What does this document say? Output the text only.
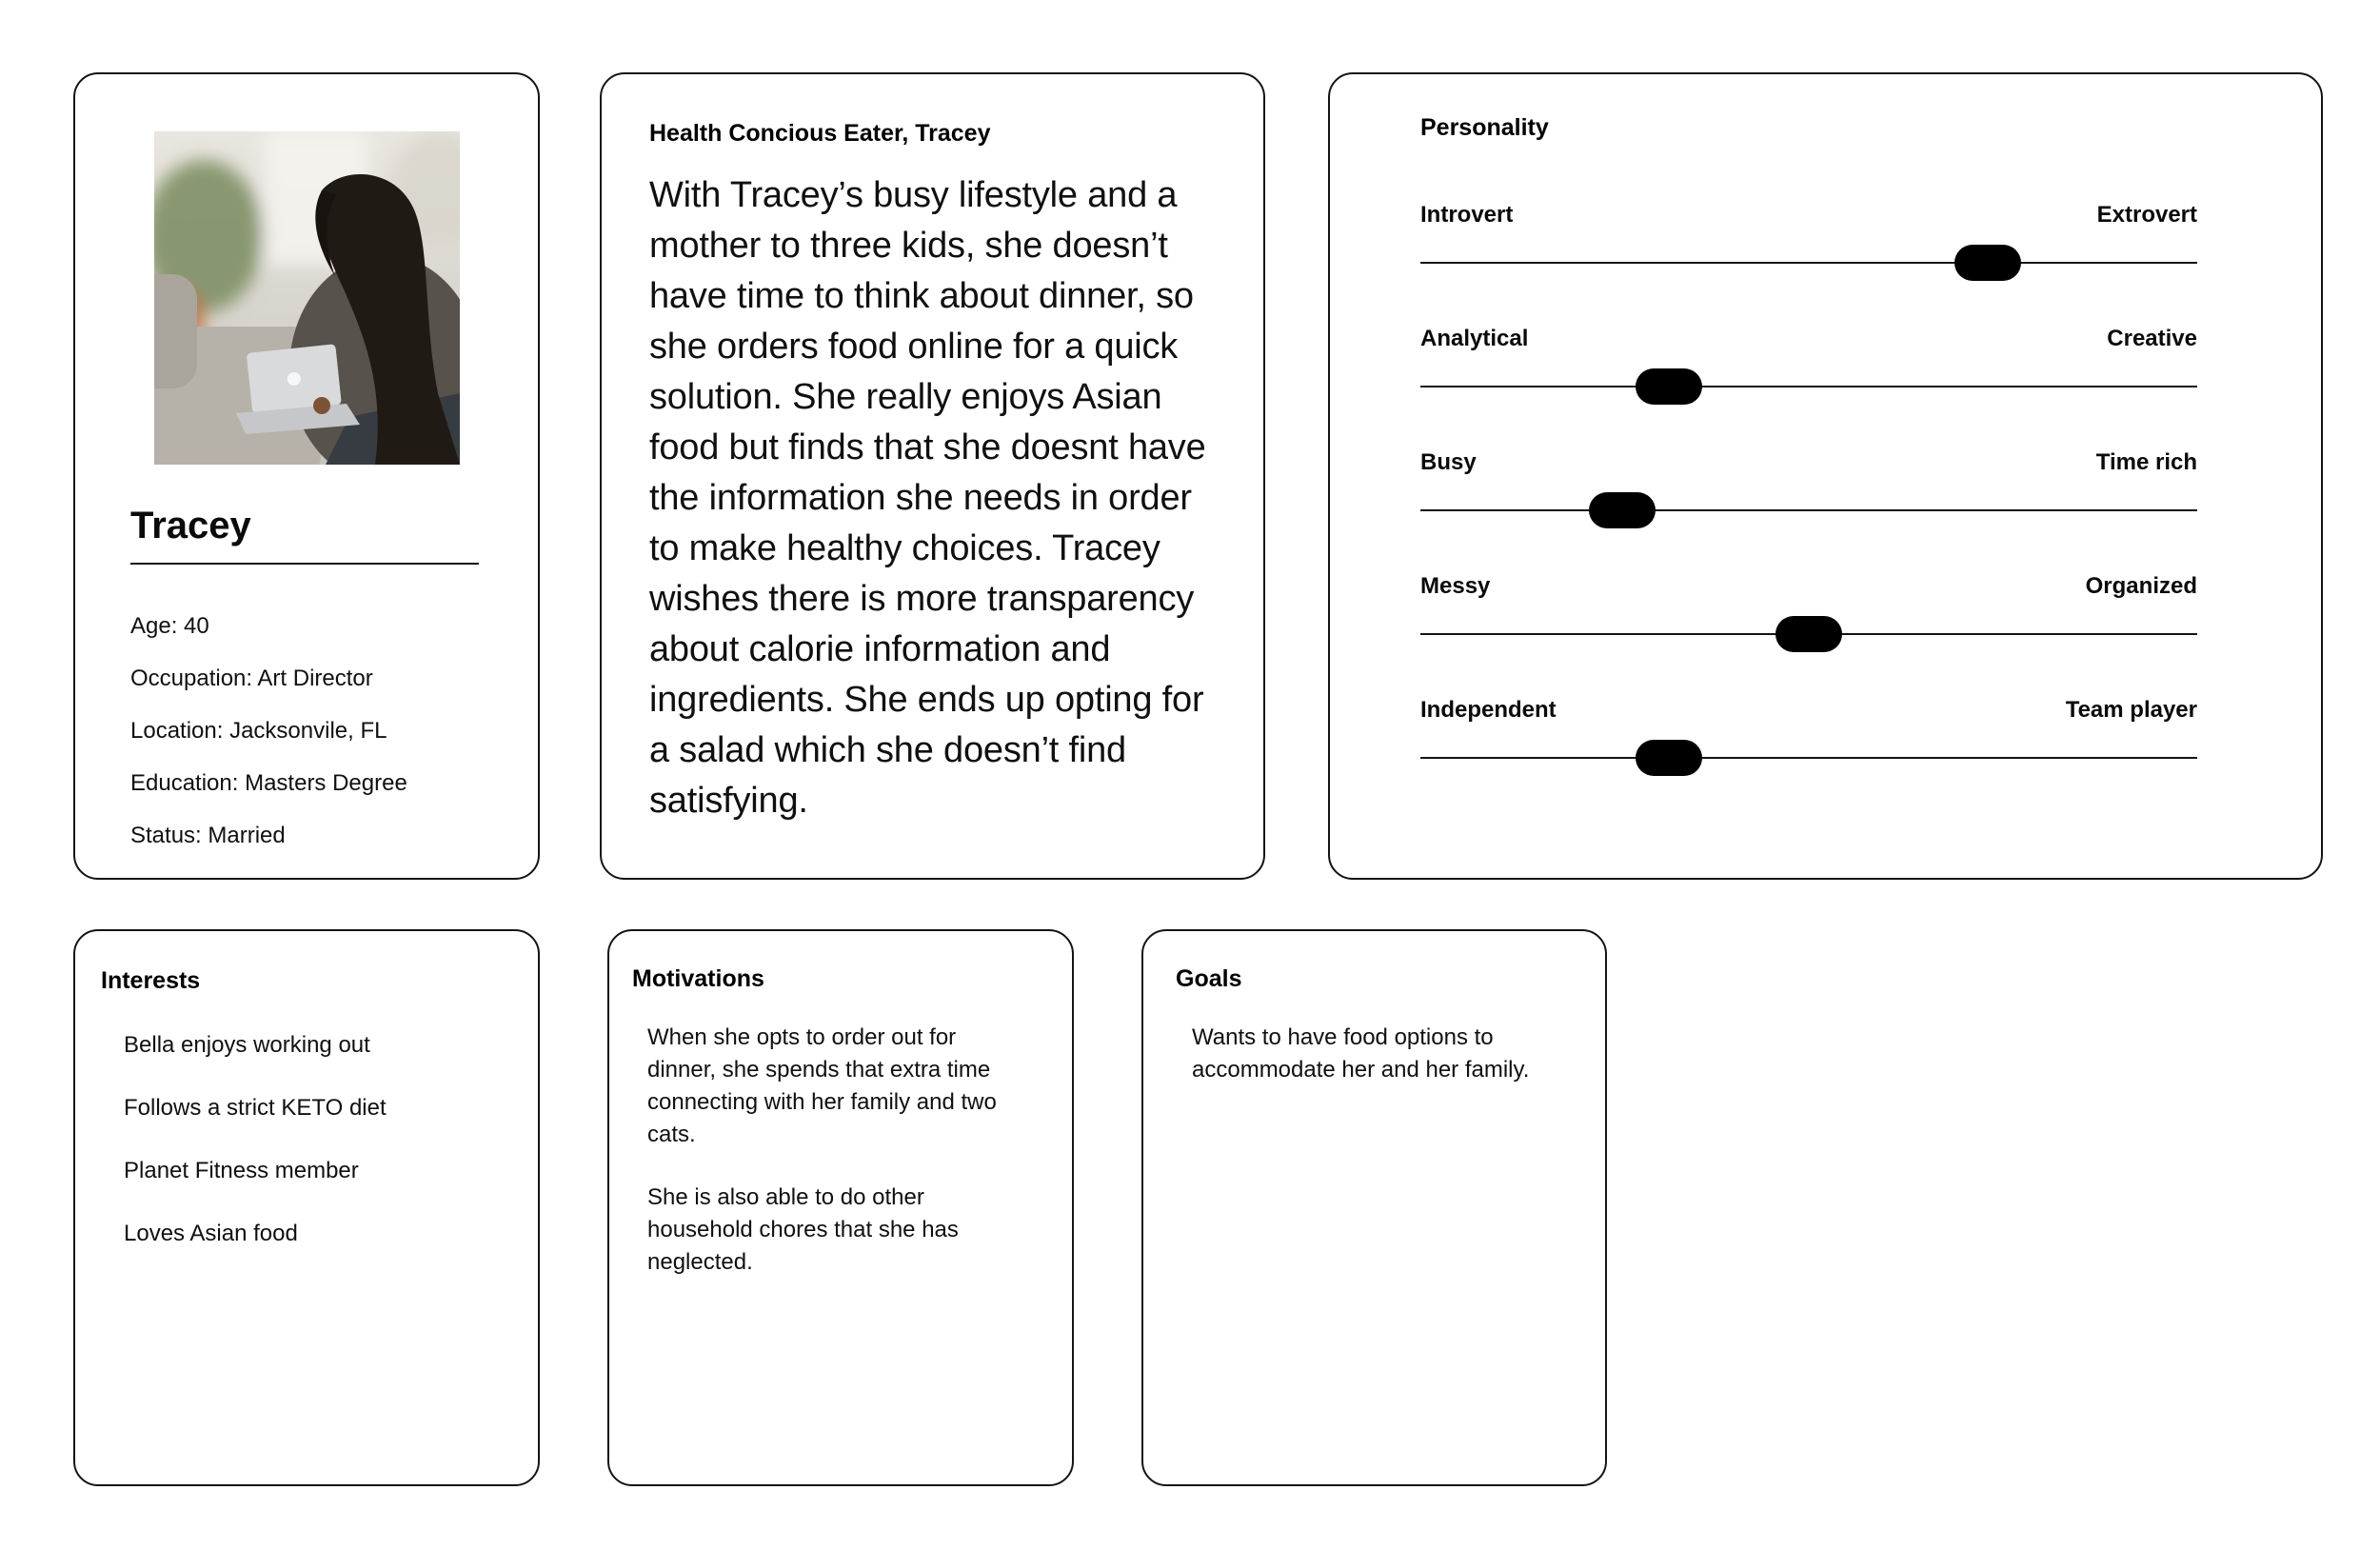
Tracey
Age: 40
Occupation: Art Director
Location: Jacksonvile, FL
Education: Masters Degree
Status: Married
Health Concious Eater, Tracey
With Tracey’s busy lifestyle and a mother to three kids, she doesn’t have time to think about dinner, so she orders food online for a quick solution. She really enjoys Asian food but finds that she doesnt have the information she needs in order to make healthy choices. Tracey wishes there is more transparency about calorie information and ingredients. She ends up opting for a salad which she doesn’t find satisfying.
Personality
Introvert	Extrovert
Analytical	Creative
Busy	Time rich
Messy	Organized
Independent	Team player
Interests
Bella enjoys working out
Follows a strict KETO diet
Planet Fitness member
Loves Asian food
Motivations
When she opts to order out for dinner, she spends that extra time connecting with her family and two cats.
She is also able to do other household chores that she has neglected.
Goals
Wants to have food options to accommodate her and her family.
